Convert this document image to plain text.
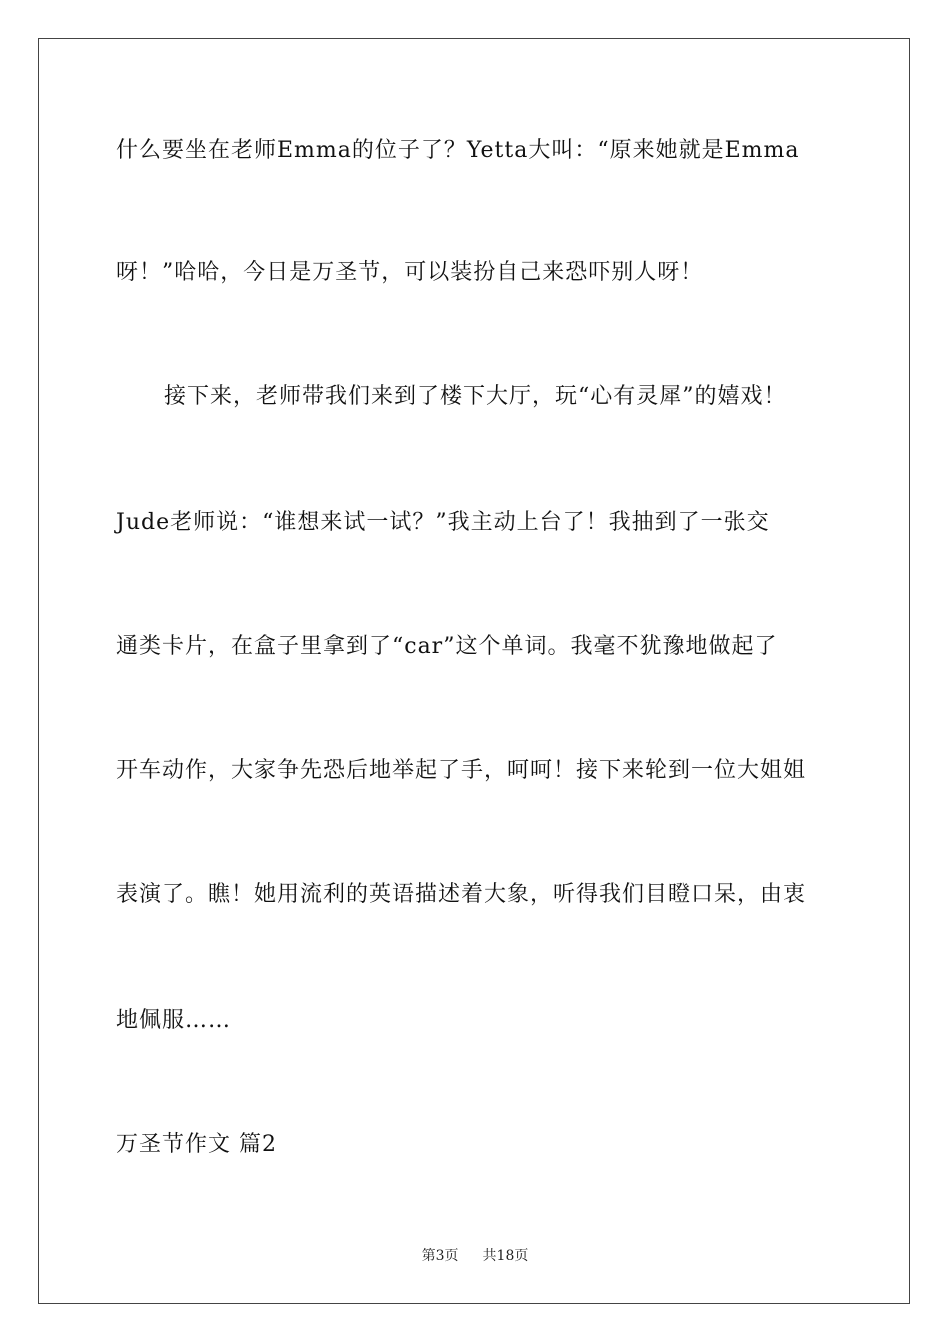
什么要坐在老师Emma的位子了？Yetta大叫：“原来她就是Emma
呀！”哈哈，今日是万圣节，可以装扮自己来恐吓别人呀！
接下来，老师带我们来到了楼下大厅，玩“心有灵犀”的嬉戏！
Jude老师说：“谁想来试一试？”我主动上台了！我抽到了一张交
通类卡片，在盒子里拿到了“car”这个单词。我毫不犹豫地做起了
开车动作，大家争先恐后地举起了手，呵呵！接下来轮到一位大姐姐
表演了。瞧！她用流利的英语描述着大象，听得我们目瞪口呆，由衷
地佩服……
万圣节作文 篇2
第3页 共18页
